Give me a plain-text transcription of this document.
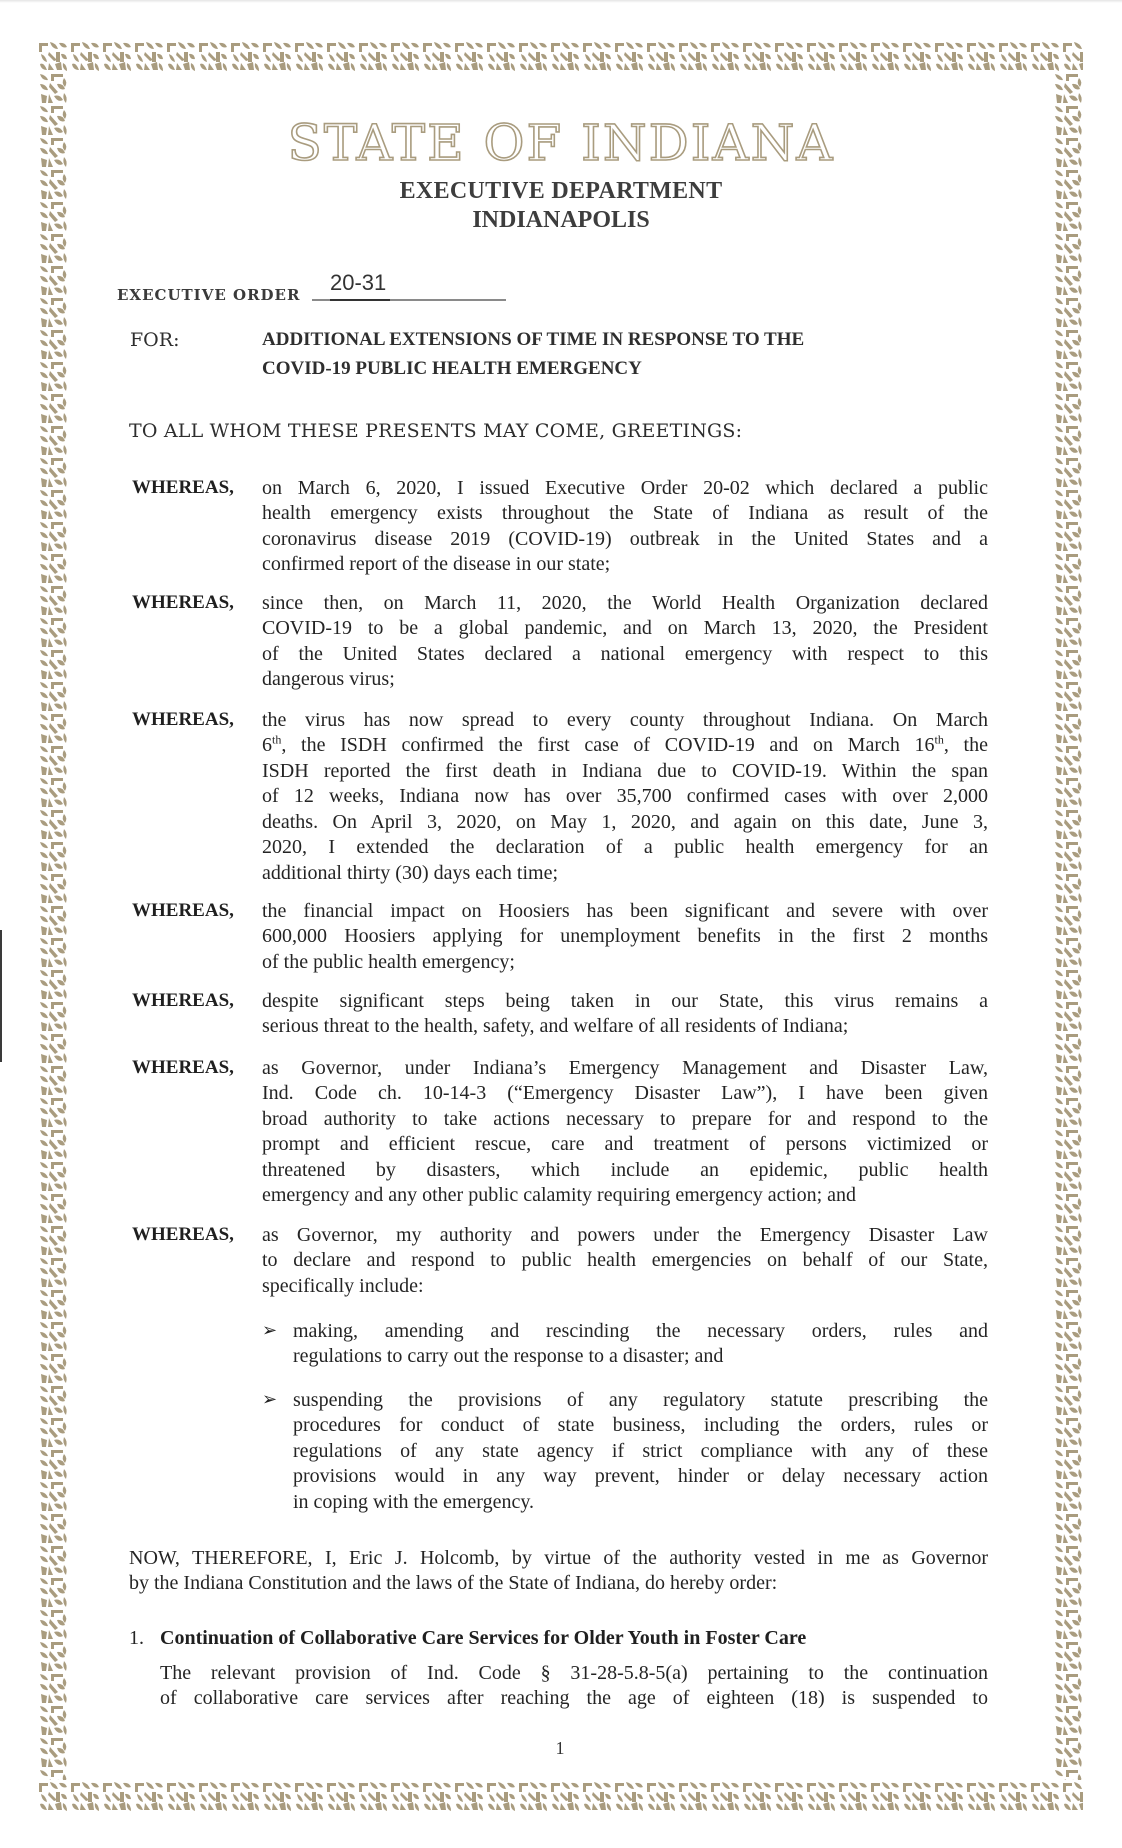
STATE OF INDIANA
EXECUTIVE DEPARTMENT
INDIANAPOLIS
EXECUTIVE ORDER 20-31
FOR:	ADDITIONAL EXTENSIONS OF TIME IN RESPONSE TO THE
COVID-19 PUBLIC HEALTH EMERGENCY
TO ALL WHOM THESE PRESENTS MAY COME, GREETINGS:
WHEREAS, on March 6, 2020, I issued Executive Order 20-02 which declared a public
health emergency exists throughout the State of Indiana as result of the
coronavirus disease 2019 (COVID-19) outbreak in the United States and a
confirmed report of the disease in our state;
WHEREAS, since then, on March 11, 2020, the World Health Organization declared
COVID-19 to be a global pandemic, and on March 13, 2020, the President
of the United States declared a national emergency with respect to this
dangerous virus;
WHEREAS, the virus has now spread to every county throughout Indiana. On March
6th, the ISDH confirmed the first case of COVID-19 and on March 16th, the
ISDH reported the first death in Indiana due to COVID-19. Within the span
of 12 weeks, Indiana now has over 35,700 confirmed cases with over 2,000
deaths. On April 3, 2020, on May 1, 2020, and again on this date, June 3,
2020, I extended the declaration of a public health emergency for an
additional thirty (30) days each time;
WHEREAS, the financial impact on Hoosiers has been significant and severe with over
600,000 Hoosiers applying for unemployment benefits in the first 2 months
of the public health emergency;
WHEREAS, despite significant steps being taken in our State, this virus remains a
serious threat to the health, safety, and welfare of all residents of Indiana;
WHEREAS, as Governor, under Indiana’s Emergency Management and Disaster Law,
Ind. Code ch. 10-14-3 (“Emergency Disaster Law”), I have been given
broad authority to take actions necessary to prepare for and respond to the
prompt and efficient rescue, care and treatment of persons victimized or
threatened by disasters, which include an epidemic, public health
emergency and any other public calamity requiring emergency action; and
WHEREAS, as Governor, my authority and powers under the Emergency Disaster Law
to declare and respond to public health emergencies on behalf of our State,
specifically include:
➢ making, amending and rescinding the necessary orders, rules and
regulations to carry out the response to a disaster; and
➢ suspending the provisions of any regulatory statute prescribing the
procedures for conduct of state business, including the orders, rules or
regulations of any state agency if strict compliance with any of these
provisions would in any way prevent, hinder or delay necessary action
in coping with the emergency.
NOW, THEREFORE, I, Eric J. Holcomb, by virtue of the authority vested in me as Governor
by the Indiana Constitution and the laws of the State of Indiana, do hereby order:
1. Continuation of Collaborative Care Services for Older Youth in Foster Care
The relevant provision of Ind. Code § 31-28-5.8-5(a) pertaining to the continuation
of collaborative care services after reaching the age of eighteen (18) is suspended to
1
